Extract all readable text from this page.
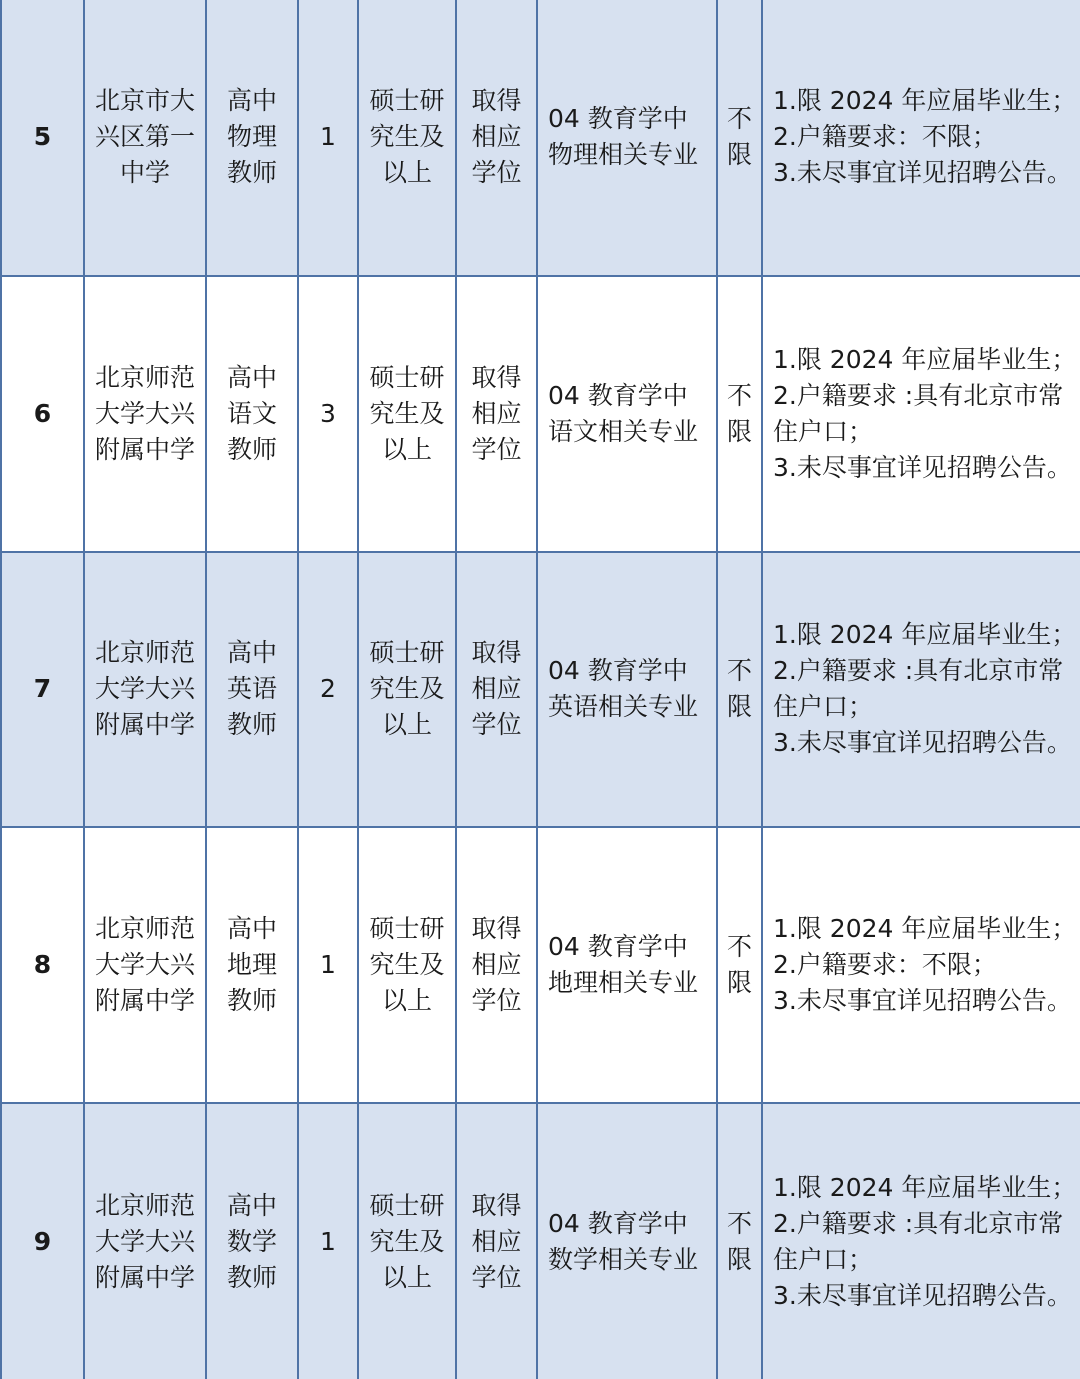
5	北京市大
兴区第一
中学	高中
物理
教师	1	硕士研
究生及
以上	取得
相应
学位	04 教育学中
物理相关专业	不
限	1.限 2024 年应届毕业生；
2.户籍要求：不限；
3.未尽事宜详见招聘公告。

6	北京师范
大学大兴
附属中学	高中
语文
教师	3	硕士研
究生及
以上	取得
相应
学位	04 教育学中
语文相关专业	不
限	1.限 2024 年应届毕业生；
2.户籍要求 :具有北京市常
住户口；
3.未尽事宜详见招聘公告。

7	北京师范
大学大兴
附属中学	高中
英语
教师	2	硕士研
究生及
以上	取得
相应
学位	04 教育学中
英语相关专业	不
限	1.限 2024 年应届毕业生；
2.户籍要求 :具有北京市常
住户口；
3.未尽事宜详见招聘公告。

8	北京师范
大学大兴
附属中学	高中
地理
教师	1	硕士研
究生及
以上	取得
相应
学位	04 教育学中
地理相关专业	不
限	1.限 2024 年应届毕业生；
2.户籍要求：不限；
3.未尽事宜详见招聘公告。

9	北京师范
大学大兴
附属中学	高中
数学
教师	1	硕士研
究生及
以上	取得
相应
学位	04 教育学中
数学相关专业	不
限	1.限 2024 年应届毕业生；
2.户籍要求 :具有北京市常
住户口；
3.未尽事宜详见招聘公告。
